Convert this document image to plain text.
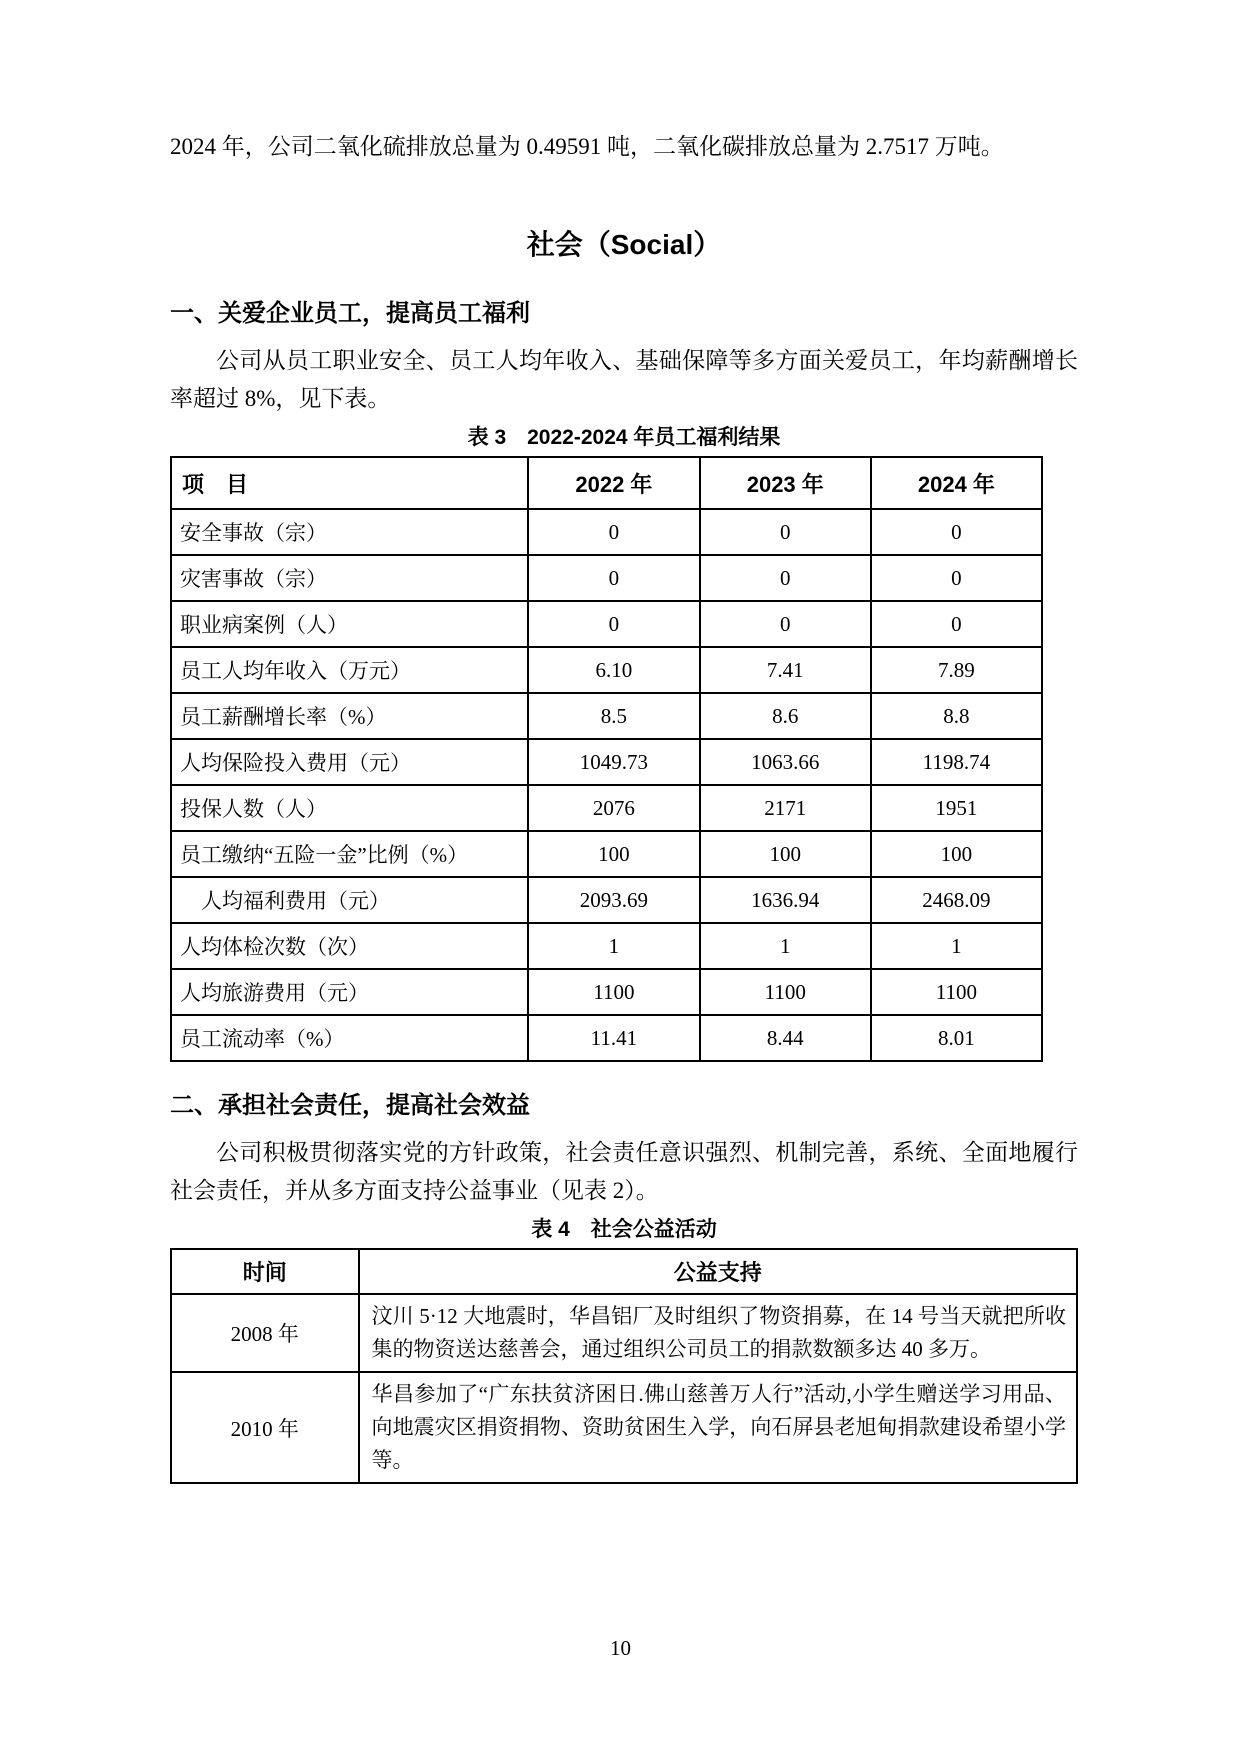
2024 年，公司二氧化硫排放总量为 0.49591 吨，二氧化碳排放总量为 2.7517 万吨。

社会（Social）
一、关爱企业员工，提高员工福利

公司从员工职业安全、员工人均年收入、基础保障等多方面关爱员工，年均薪酬增长率超过 8%，见下表。

表 3　2022-2024 年员工福利结果
项　目	2022 年	2023 年	2024 年
安全事故（宗）	0	0	0
灾害事故（宗）	0	0	0
职业病案例（人）	0	0	0
员工人均年收入（万元）	6.10	7.41	7.89
员工薪酬增长率（%）	8.5	8.6	8.8
人均保险投入费用（元）	1049.73	1063.66	1198.74
投保人数（人）	2076	2171	1951
员工缴纳“五险一金”比例（%）	100	100	100
　人均福利费用（元）	2093.69	1636.94	2468.09
人均体检次数（次）	1	1	1
人均旅游费用（元）	1100	1100	1100
员工流动率（%）	11.41	8.44	8.01
二、承担社会责任，提高社会效益

公司积极贯彻落实党的方针政策，社会责任意识强烈、机制完善，系统、全面地履行社会责任，并从多方面支持公益事业（见表 2）。

表 4　社会公益活动
时间	公益支持
2008 年	汶川 5·12 大地震时，华昌铝厂及时组织了物资捐募，在 14 号当天就把所收集的物资送达慈善会，通过组织公司员工的捐款数额多达 40 多万。
2010 年	华昌参加了“广东扶贫济困日.佛山慈善万人行”活动,小学生赠送学习用品、向地震灾区捐资捐物、资助贫困生入学，向石屏县老旭甸捐款建设希望小学等。
10
